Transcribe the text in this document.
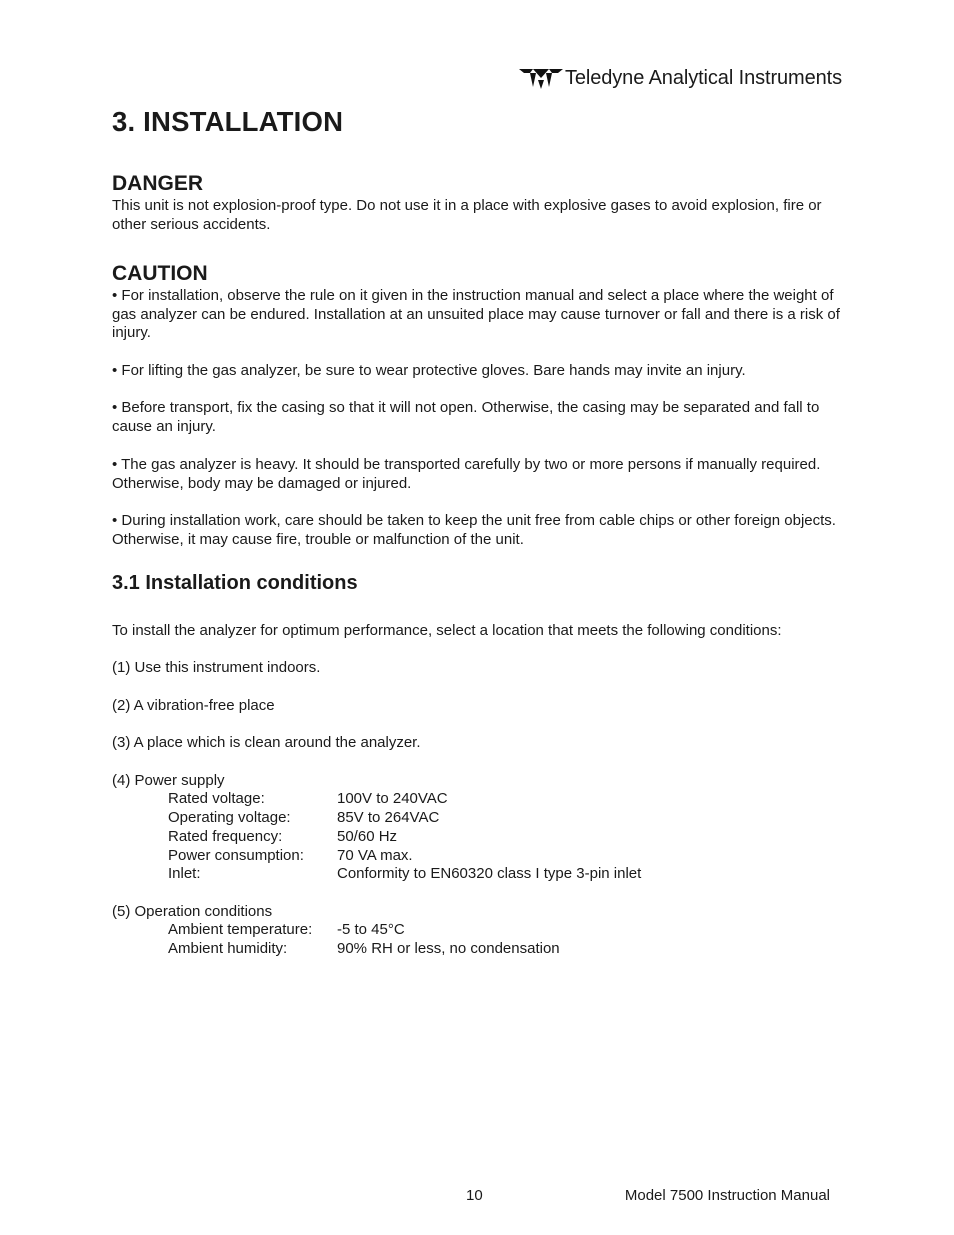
Teledyne Analytical Instruments
3. INSTALLATION
DANGER

This unit is not explosion-proof type. Do not use it in a place with explosive gases to avoid explosion, fire or other serious accidents.

CAUTION

• For installation, observe the rule on it given in the instruction manual and select a place where the weight of gas analyzer can be endured. Installation at an unsuited place may cause turnover or fall and there is a risk of injury.

• For lifting the gas analyzer, be sure to wear protective gloves. Bare hands may invite an injury.

• Before transport, fix the casing so that it will not open. Otherwise, the casing may be separated and fall to cause an injury.

• The gas analyzer is heavy. It should be transported carefully by two or more persons if manually required. Otherwise, body may be damaged or injured.

• During installation work, care should be taken to keep the unit free from cable chips or other foreign objects. Otherwise, it may cause fire, trouble or malfunction of the unit.

3.1 Installation conditions

To install the analyzer for optimum performance, select a location that meets the following conditions:

(1) Use this instrument indoors.

(2) A vibration-free place

(3) A place which is clean around the analyzer.

(4) Power supply

Rated voltage:	100V to 240VAC
Operating voltage:	85V to 264VAC
Rated frequency:	50/60 Hz
Power consumption: 70 VA max.
Inlet:	Conformity to EN60320 class I type 3-pin inlet

(5) Operation conditions

Ambient temperature: -5 to 45°C
Ambient humidity:	90% RH or less, no condensation
10	Model 7500 Instruction Manual
